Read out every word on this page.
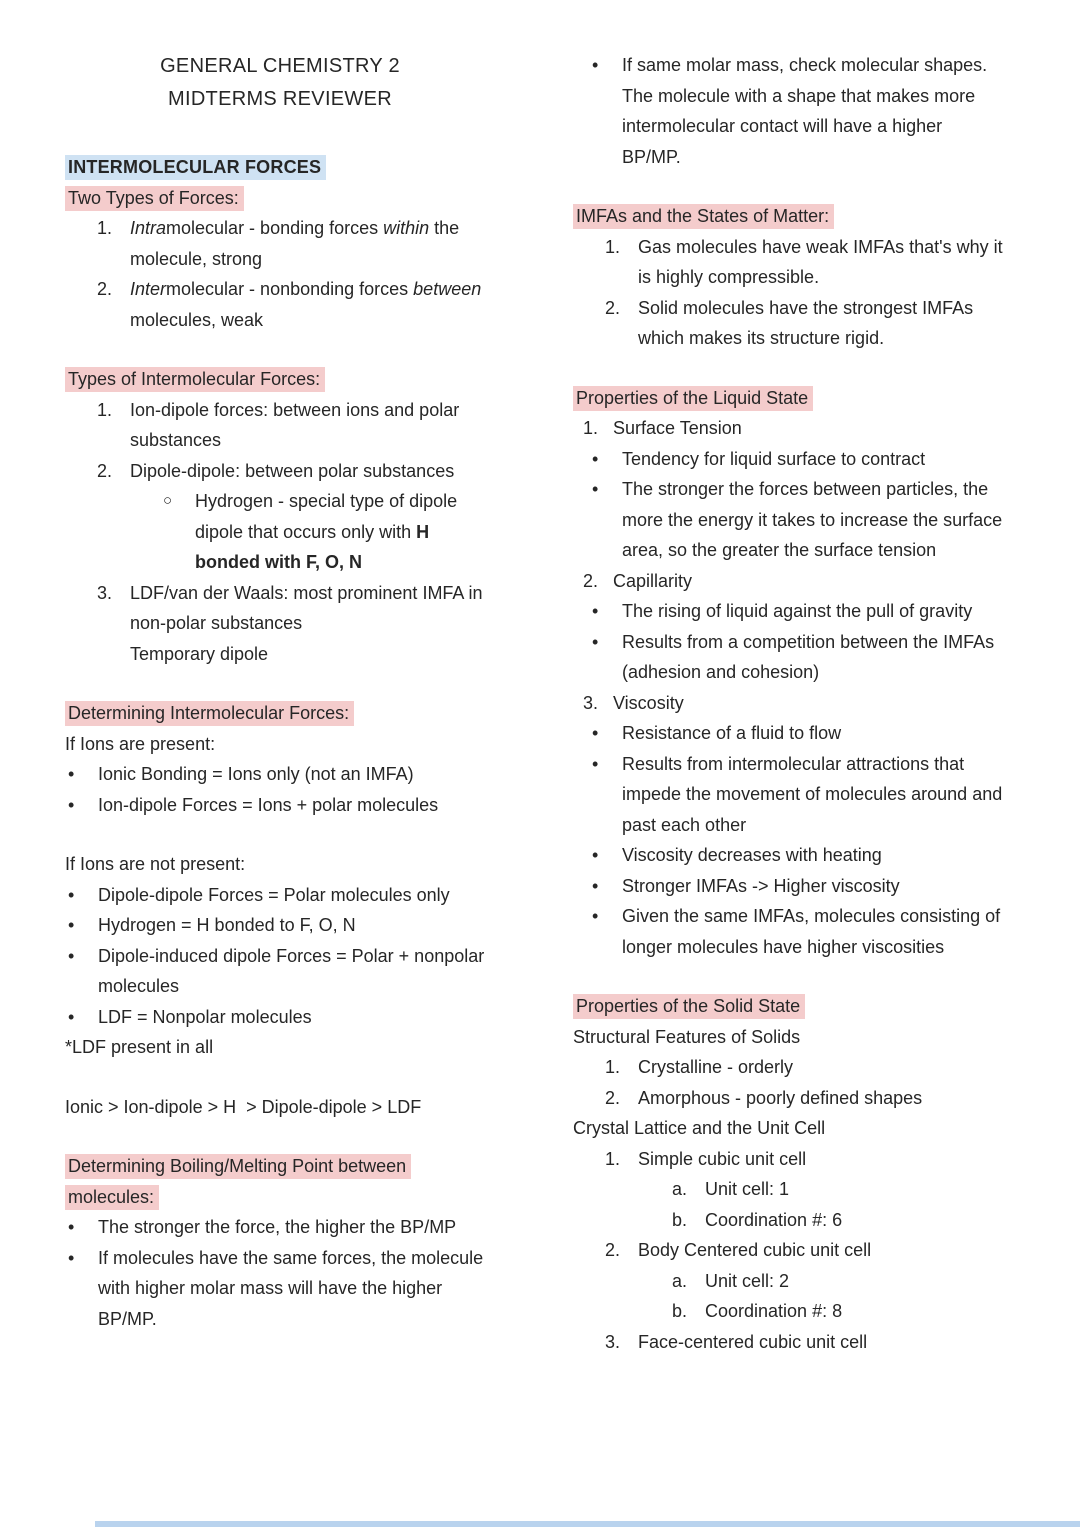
GENERAL CHEMISTRY 2
MIDTERMS REVIEWER
INTERMOLECULAR FORCES
Two Types of Forces:
1. Intramolecular - bonding forces within the molecule, strong
2. Intermolecular - nonbonding forces between molecules, weak
Types of Intermolecular Forces:
1. Ion-dipole forces: between ions and polar substances
2. Dipole-dipole: between polar substances
○	Hydrogen - special type of dipole dipole that occurs only with H bonded with F, O, N
3. LDF/van der Waals: most prominent IMFA in non-polar substances
Temporary dipole
Determining Intermolecular Forces:
If Ions are present:
•	Ionic Bonding = Ions only (not an IMFA)
•	Ion-dipole Forces = Ions + polar molecules
If Ions are not present:
•	Dipole-dipole Forces = Polar molecules only
•	Hydrogen = H bonded to F, O, N
•	Dipole-induced dipole Forces = Polar + nonpolar molecules
•	LDF = Nonpolar molecules
*LDF present in all
Ionic > Ion-dipole > H  > Dipole-dipole > LDF
Determining Boiling/Melting Point between molecules:
•	The stronger the force, the higher the BP/MP
•	If molecules have the same forces, the molecule with higher molar mass will have the higher BP/MP.
•	If same molar mass, check molecular shapes. The molecule with a shape that makes more intermolecular contact will have a higher BP/MP.
IMFAs and the States of Matter:
1. Gas molecules have weak IMFAs that's why it is highly compressible.
2. Solid molecules have the strongest IMFAs which makes its structure rigid.
Properties of the Liquid State
1. Surface Tension
•	Tendency for liquid surface to contract
•	The stronger the forces between particles, the more the energy it takes to increase the surface area, so the greater the surface tension
2. Capillarity
•	The rising of liquid against the pull of gravity
•	Results from a competition between the IMFAs (adhesion and cohesion)
3. Viscosity
•	Resistance of a fluid to flow
•	Results from intermolecular attractions that impede the movement of molecules around and past each other
•	Viscosity decreases with heating
•	Stronger IMFAs -> Higher viscosity
•	Given the same IMFAs, molecules consisting of longer molecules have higher viscosities
Properties of the Solid State
Structural Features of Solids
1. Crystalline - orderly
2. Amorphous - poorly defined shapes
Crystal Lattice and the Unit Cell
1. Simple cubic unit cell
a. Unit cell: 1
b. Coordination #: 6
2. Body Centered cubic unit cell
a. Unit cell: 2
b. Coordination #: 8
3. Face-centered cubic unit cell
